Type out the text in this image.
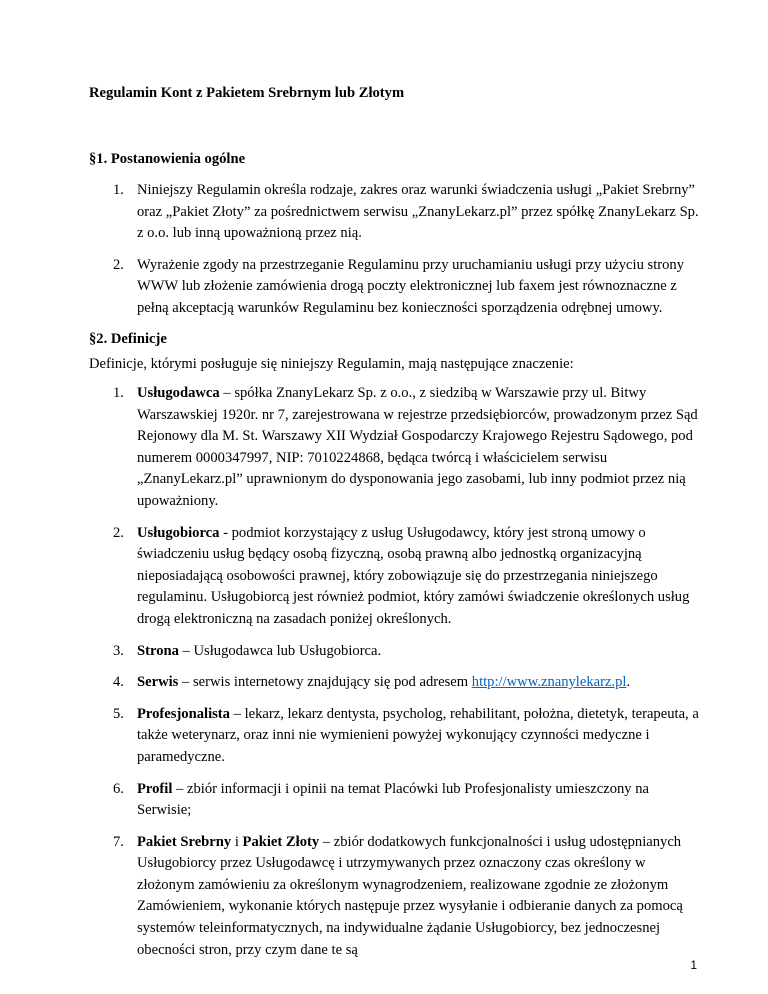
Regulamin Kont z Pakietem Srebrnym lub Złotym

§1. Postanowienia ogólne

1. Niniejszy Regulamin określa rodzaje, zakres oraz warunki świadczenia usługi „Pakiet Srebrny” oraz „Pakiet Złoty” za pośrednictwem serwisu „ZnanyLekarz.pl” przez spółkę ZnanyLekarz Sp. z o.o. lub inną upoważnioną przez nią.
2. Wyrażenie zgody na przestrzeganie Regulaminu przy uruchamianiu usługi przy użyciu strony WWW lub złożenie zamówienia drogą poczty elektronicznej lub faxem jest równoznaczne z pełną akceptacją warunków Regulaminu bez konieczności sporządzenia odrębnej umowy.

§2. Definicje

Definicje, którymi posługuje się niniejszy Regulamin, mają następujące znaczenie:

1. Usługodawca – spółka ZnanyLekarz Sp. z o.o., z siedzibą w Warszawie przy ul. Bitwy Warszawskiej 1920r. nr 7, zarejestrowana w rejestrze przedsiębiorców, prowadzonym przez Sąd Rejonowy dla M. St. Warszawy XII Wydział Gospodarczy Krajowego Rejestru Sądowego, pod numerem 0000347997, NIP: 7010224868, będąca twórcą i właścicielem serwisu „ZnanyLekarz.pl” uprawnionym do dysponowania jego zasobami, lub inny podmiot przez nią upoważniony.
2. Usługobiorca - podmiot korzystający z usług Usługodawcy, który jest stroną umowy o świadczeniu usług będący osobą fizyczną, osobą prawną albo jednostką organizacyjną nieposiadającą osobowości prawnej, który zobowiązuje się do przestrzegania niniejszego regulaminu. Usługobiorcą jest również podmiot, który zamówi świadczenie określonych usług drogą elektroniczną na zasadach poniżej określonych.
3. Strona – Usługodawca lub Usługobiorca.
4. Serwis – serwis internetowy znajdujący się pod adresem http://www.znanylekarz.pl.
5. Profesjonalista – lekarz, lekarz dentysta, psycholog, rehabilitant, położna, dietetyk, terapeuta, a także weterynarz, oraz inni nie wymienieni powyżej wykonujący czynności medyczne i paramedyczne.
6. Profil – zbiór informacji i opinii na temat Placówki lub Profesjonalisty umieszczony na Serwisie;
7. Pakiet Srebrny i Pakiet Złoty – zbiór dodatkowych funkcjonalności i usług udostępnianych Usługobiorcy przez Usługodawcę i utrzymywanych przez oznaczony czas określony w złożonym zamówieniu za określonym wynagrodzeniem, realizowane zgodnie ze złożonym Zamówieniem, wykonanie których następuje przez wysyłanie i odbieranie danych za pomocą systemów teleinformatycznych, na indywidualne żądanie Usługobiorcy, bez jednoczesnej obecności stron, przy czym dane te są

1
